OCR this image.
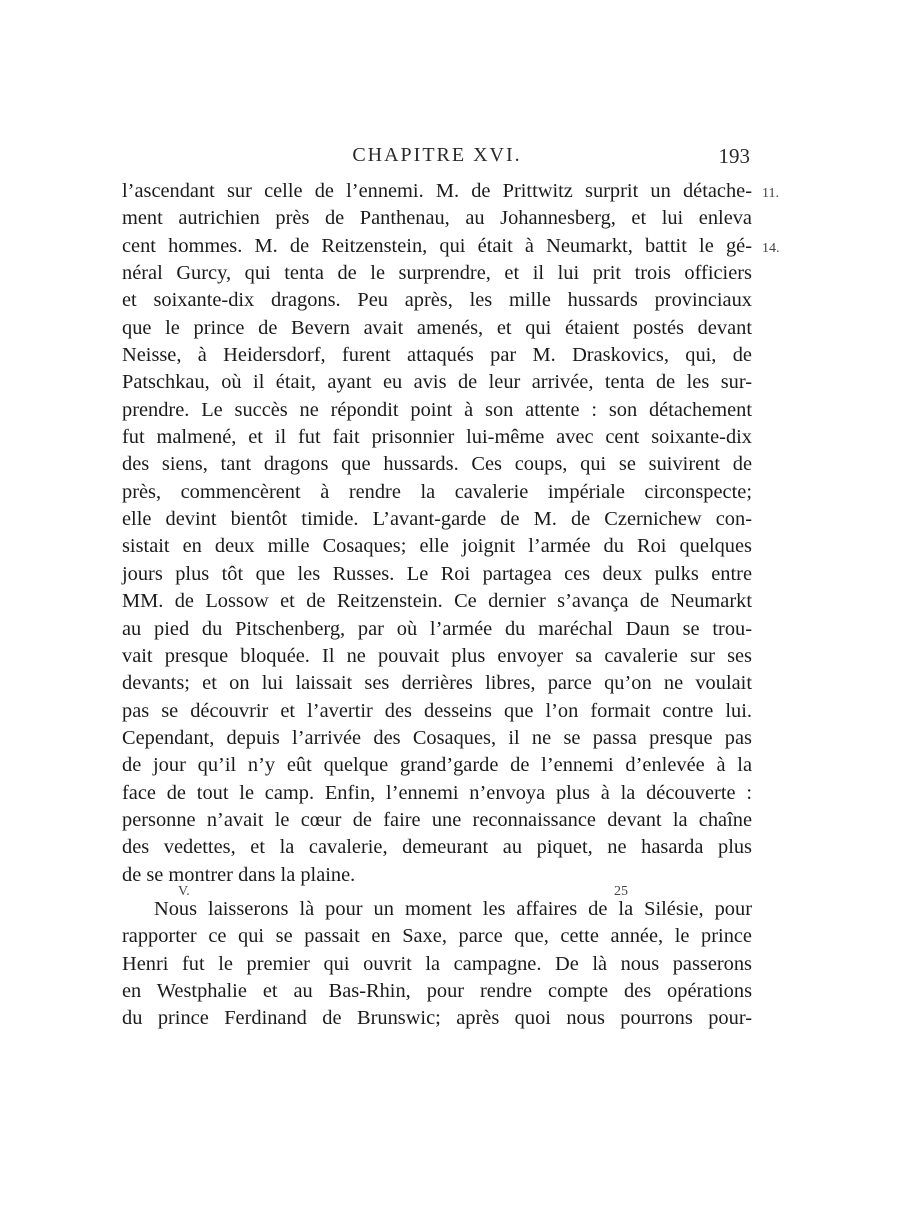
CHAPITRE XVI.	193
11.
14.
l’ascendant sur celle de l’ennemi. M. de Prittwitz surprit un détache-
ment autrichien près de Panthenau, au Johannesberg, et lui enleva
cent hommes. M. de Reitzenstein, qui était à Neumarkt, battit le gé-
néral Gurcy, qui tenta de le surprendre, et il lui prit trois officiers
et soixante-dix dragons. Peu après, les mille hussards provinciaux
que le prince de Bevern avait amenés, et qui étaient postés devant
Neisse, à Heidersdorf, furent attaqués par M. Draskovics, qui, de
Patschkau, où il était, ayant eu avis de leur arrivée, tenta de les sur-
prendre. Le succès ne répondit point à son attente : son détachement
fut malmené, et il fut fait prisonnier lui-même avec cent soixante-dix
des siens, tant dragons que hussards. Ces coups, qui se suivirent de
près, commencèrent à rendre la cavalerie impériale circonspecte;
elle devint bientôt timide. L’avant-garde de M. de Czernichew con-
sistait en deux mille Cosaques; elle joignit l’armée du Roi quelques
jours plus tôt que les Russes. Le Roi partagea ces deux pulks entre
MM. de Lossow et de Reitzenstein. Ce dernier s’avança de Neumarkt
au pied du Pitschenberg, par où l’armée du maréchal Daun se trou-
vait presque bloquée. Il ne pouvait plus envoyer sa cavalerie sur ses
devants; et on lui laissait ses derrières libres, parce qu’on ne voulait
pas se découvrir et l’avertir des desseins que l’on formait contre lui.
Cependant, depuis l’arrivée des Cosaques, il ne se passa presque pas
de jour qu’il n’y eût quelque grand’garde de l’ennemi d’enlevée à la
face de tout le camp. Enfin, l’ennemi n’envoya plus à la découverte :
personne n’avait le cœur de faire une reconnaissance devant la chaîne
des vedettes, et la cavalerie, demeurant au piquet, ne hasarda plus
de se montrer dans la plaine.
Nous laisserons là pour un moment les affaires de la Silésie, pour
rapporter ce qui se passait en Saxe, parce que, cette année, le prince
Henri fut le premier qui ouvrit la campagne. De là nous passerons
en Westphalie et au Bas-Rhin, pour rendre compte des opérations
du prince Ferdinand de Brunswic; après quoi nous pourrons pour-
V.	25
